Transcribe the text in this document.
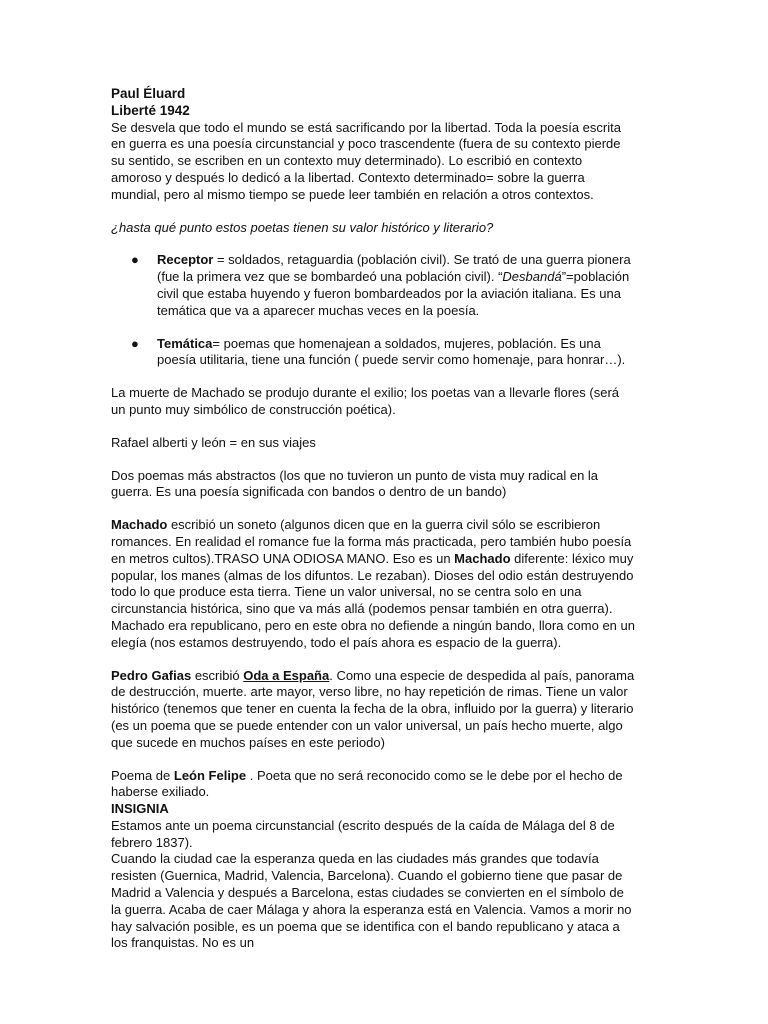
Paul Éluard

Liberté 1942

Se desvela que todo el mundo se está sacrificando por la libertad. Toda la poesía escrita en guerra es una poesía circunstancial y poco trascendente (fuera de su contexto pierde su sentido, se escriben en un contexto muy determinado). Lo escribió en contexto amoroso y después lo dedicó a la libertad. Contexto determinado= sobre la guerra mundial, pero al mismo tiempo se puede leer también en relación a otros contextos.

¿hasta qué punto estos poetas tienen su valor histórico y literario?

● Receptor = soldados, retaguardia (población civil). Se trató de una guerra pionera (fue la primera vez que se bombardeó una población civil). “Desbandá”=población civil que estaba huyendo y fueron bombardeados por la aviación italiana. Es una temática que va a aparecer muchas veces en la poesía.
● Temática= poemas que homenajean a soldados, mujeres, población. Es una poesía utilitaria, tiene una función ( puede servir como homenaje, para honrar…).

La muerte de Machado se produjo durante el exilio; los poetas van a llevarle flores (será un punto muy simbólico de construcción poética).

Rafael alberti y león = en sus viajes

Dos poemas más abstractos (los que no tuvieron un punto de vista muy radical en la guerra. Es una poesía significada con bandos o dentro de un bando)

Machado escribió un soneto (algunos dicen que en la guerra civil sólo se escribieron romances. En realidad el romance fue la forma más practicada, pero también hubo poesía en metros cultos).TRASO UNA ODIOSA MANO. Eso es un Machado diferente: léxico muy popular, los manes (almas de los difuntos. Le rezaban). Dioses del odio están destruyendo todo lo que produce esta tierra. Tiene un valor universal, no se centra solo en una circunstancia histórica, sino que va más allá (podemos pensar también en otra guerra). Machado era republicano, pero en este obra no defiende a ningún bando, llora como en un elegía (nos estamos destruyendo, todo el país ahora es espacio de la guerra).

Pedro Gafias escribió Oda a España. Como una especie de despedida al país, panorama de destrucción, muerte. arte mayor, verso libre, no hay repetición de rimas. Tiene un valor histórico (tenemos que tener en cuenta la fecha de la obra, influido por la guerra) y literario (es un poema que se puede entender con un valor universal, un país hecho muerte, algo que sucede en muchos países en este periodo)

Poema de León Felipe . Poeta que no será reconocido como se le debe por el hecho de haberse exiliado.

INSIGNIA

Estamos ante un poema circunstancial (escrito después de la caída de Málaga del 8 de febrero 1837).

Cuando la ciudad cae la esperanza queda en las ciudades más grandes que todavía resisten (Guernica, Madrid, Valencia, Barcelona). Cuando el gobierno tiene que pasar de Madrid a Valencia y después a Barcelona, estas ciudades se convierten en el símbolo de la guerra. Acaba de caer Málaga y ahora la esperanza está en Valencia. Vamos a morir no hay salvación posible, es un poema que se identifica con el bando republicano y ataca a los franquistas. No es un
